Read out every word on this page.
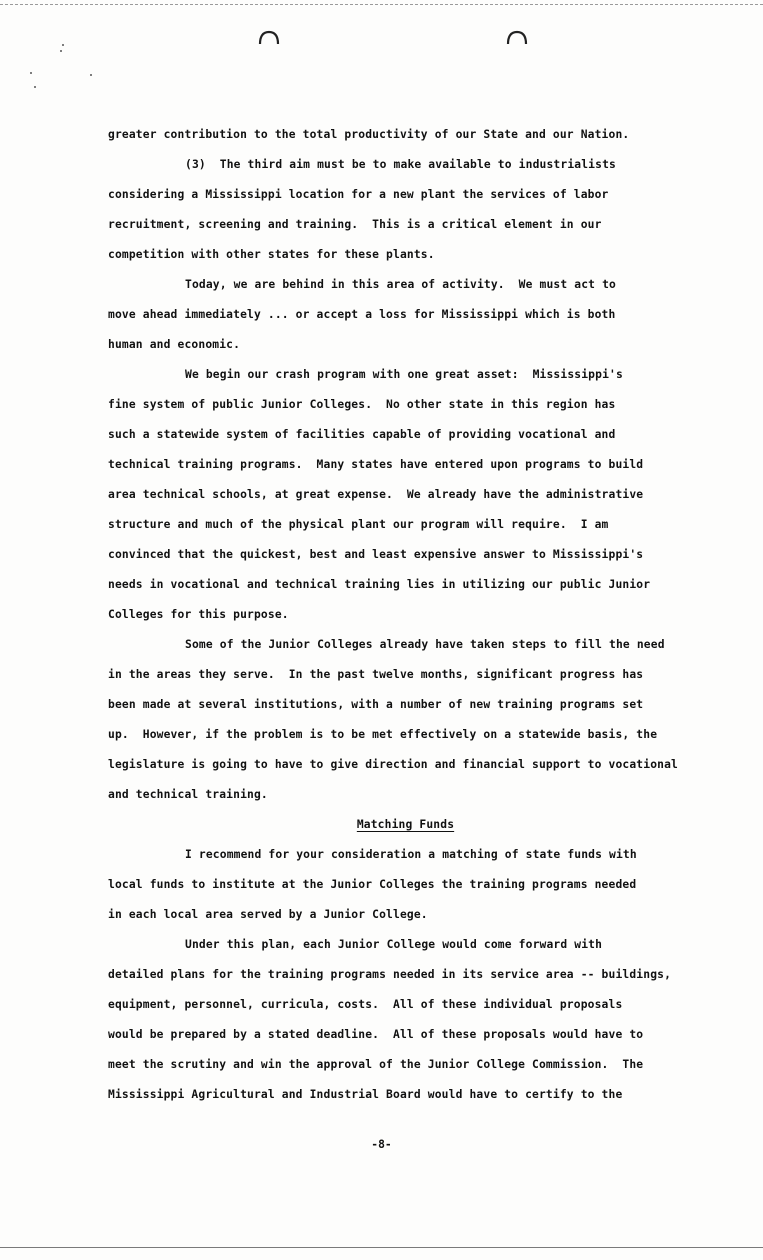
greater contribution to the total productivity of our State and our Nation.
(3)  The third aim must be to make available to industrialists
considering a Mississippi location for a new plant the services of labor
recruitment, screening and training.  This is a critical element in our
competition with other states for these plants.
Today, we are behind in this area of activity.  We must act to
move ahead immediately ... or accept a loss for Mississippi which is both
human and economic.
We begin our crash program with one great asset:  Mississippi's
fine system of public Junior Colleges.  No other state in this region has
such a statewide system of facilities capable of providing vocational and
technical training programs.  Many states have entered upon programs to build
area technical schools, at great expense.  We already have the administrative
structure and much of the physical plant our program will require.  I am
convinced that the quickest, best and least expensive answer to Mississippi's
needs in vocational and technical training lies in utilizing our public Junior
Colleges for this purpose.
Some of the Junior Colleges already have taken steps to fill the need
in the areas they serve.  In the past twelve months, significant progress has
been made at several institutions, with a number of new training programs set
up.  However, if the problem is to be met effectively on a statewide basis, the
legislature is going to have to give direction and financial support to vocational
and technical training.
Matching Funds
I recommend for your consideration a matching of state funds with
local funds to institute at the Junior Colleges the training programs needed
in each local area served by a Junior College.
Under this plan, each Junior College would come forward with
detailed plans for the training programs needed in its service area -- buildings,
equipment, personnel, curricula, costs.  All of these individual proposals
would be prepared by a stated deadline.  All of these proposals would have to
meet the scrutiny and win the approval of the Junior College Commission.  The
Mississippi Agricultural and Industrial Board would have to certify to the
-8-
